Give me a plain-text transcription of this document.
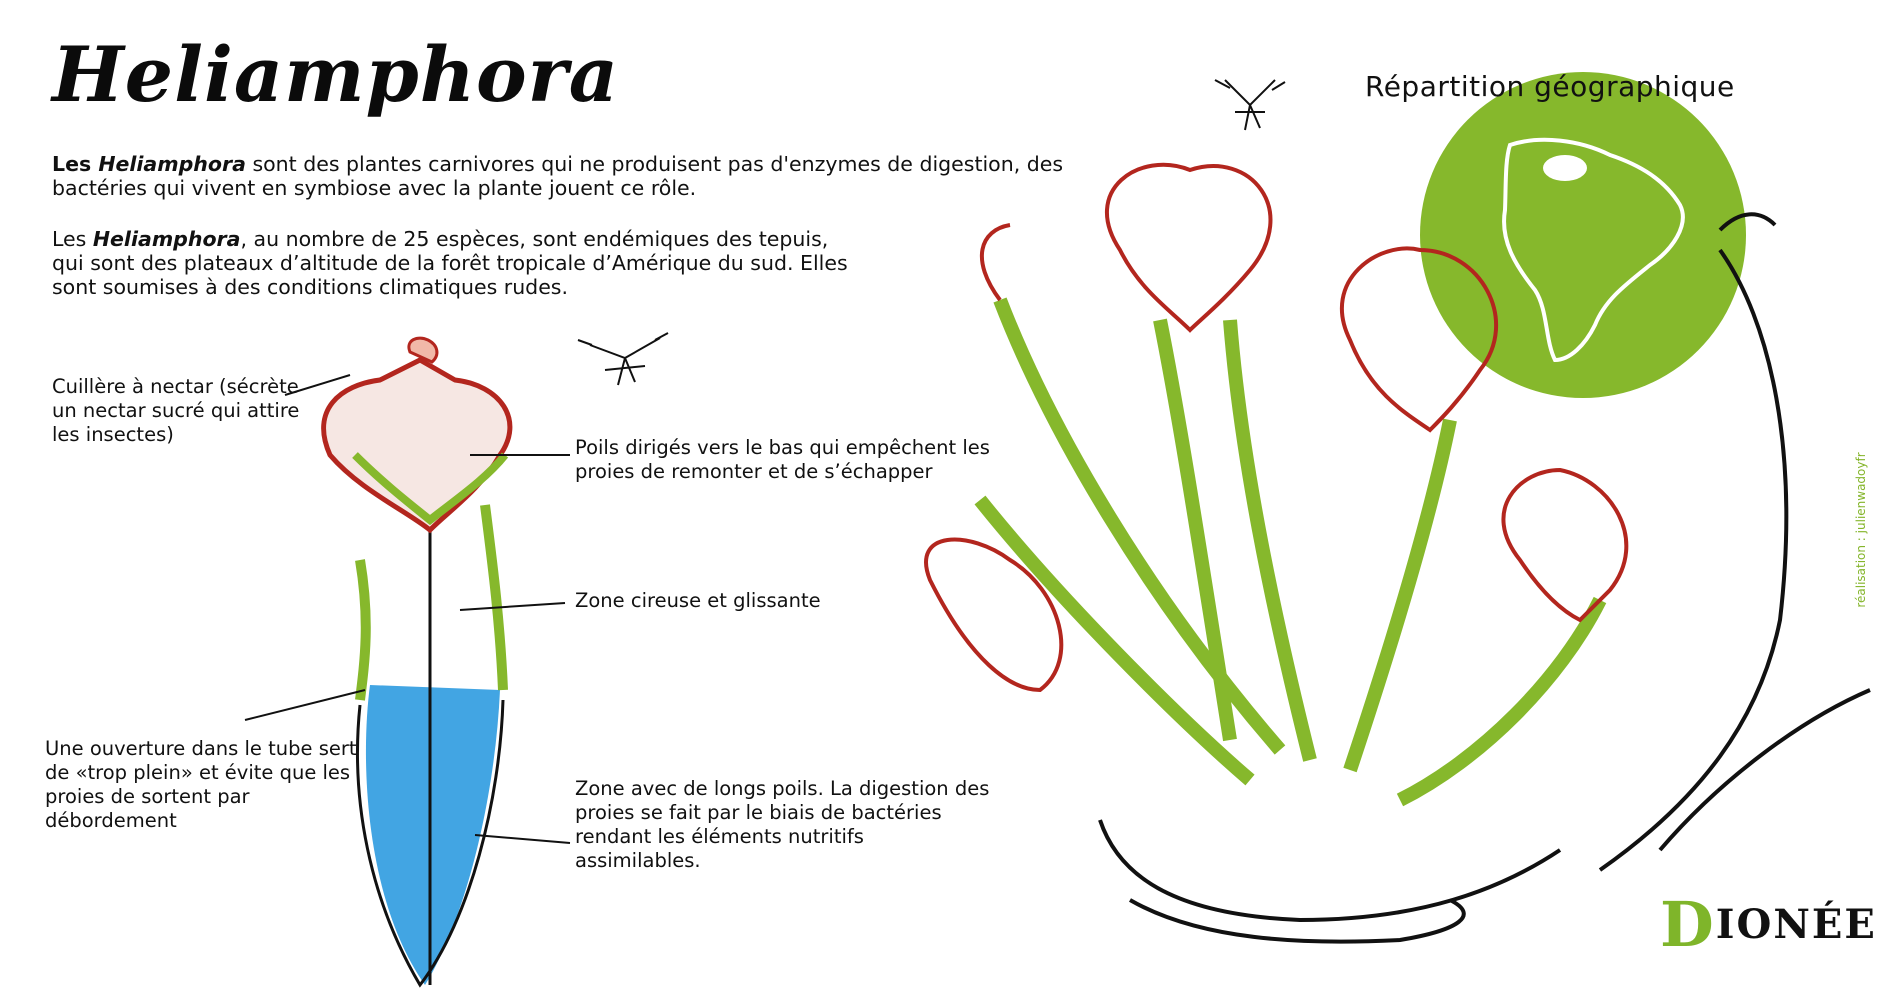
Heliamphora
Les Heliamphora sont des plantes carnivores qui ne produisent pas d'enzymes de digestion, des bactéries qui vivent en symbiose avec la plante jouent ce rôle.
Les Heliamphora, au nombre de 25 espèces, sont endémiques des tepuis, qui sont des plateaux d’altitude de la forêt tropicale d’Amérique du sud. Elles sont soumises à des conditions climatiques rudes.
Cuillère à nectar (sécrète un nectar sucré qui attire les insectes)
Poils dirigés vers le bas qui empêchent les proies de remonter et de s’échapper
Zone cireuse et glissante
Une ouverture dans le tube sert de «trop plein» et évite que les proies de sortent par débordement
Zone avec de longs poils. La digestion des proies se fait par le biais de bactéries rendant les éléments nutritifs assimilables.
Répartition géographique
réalisation : julienwadoyfr
DIONÉE
